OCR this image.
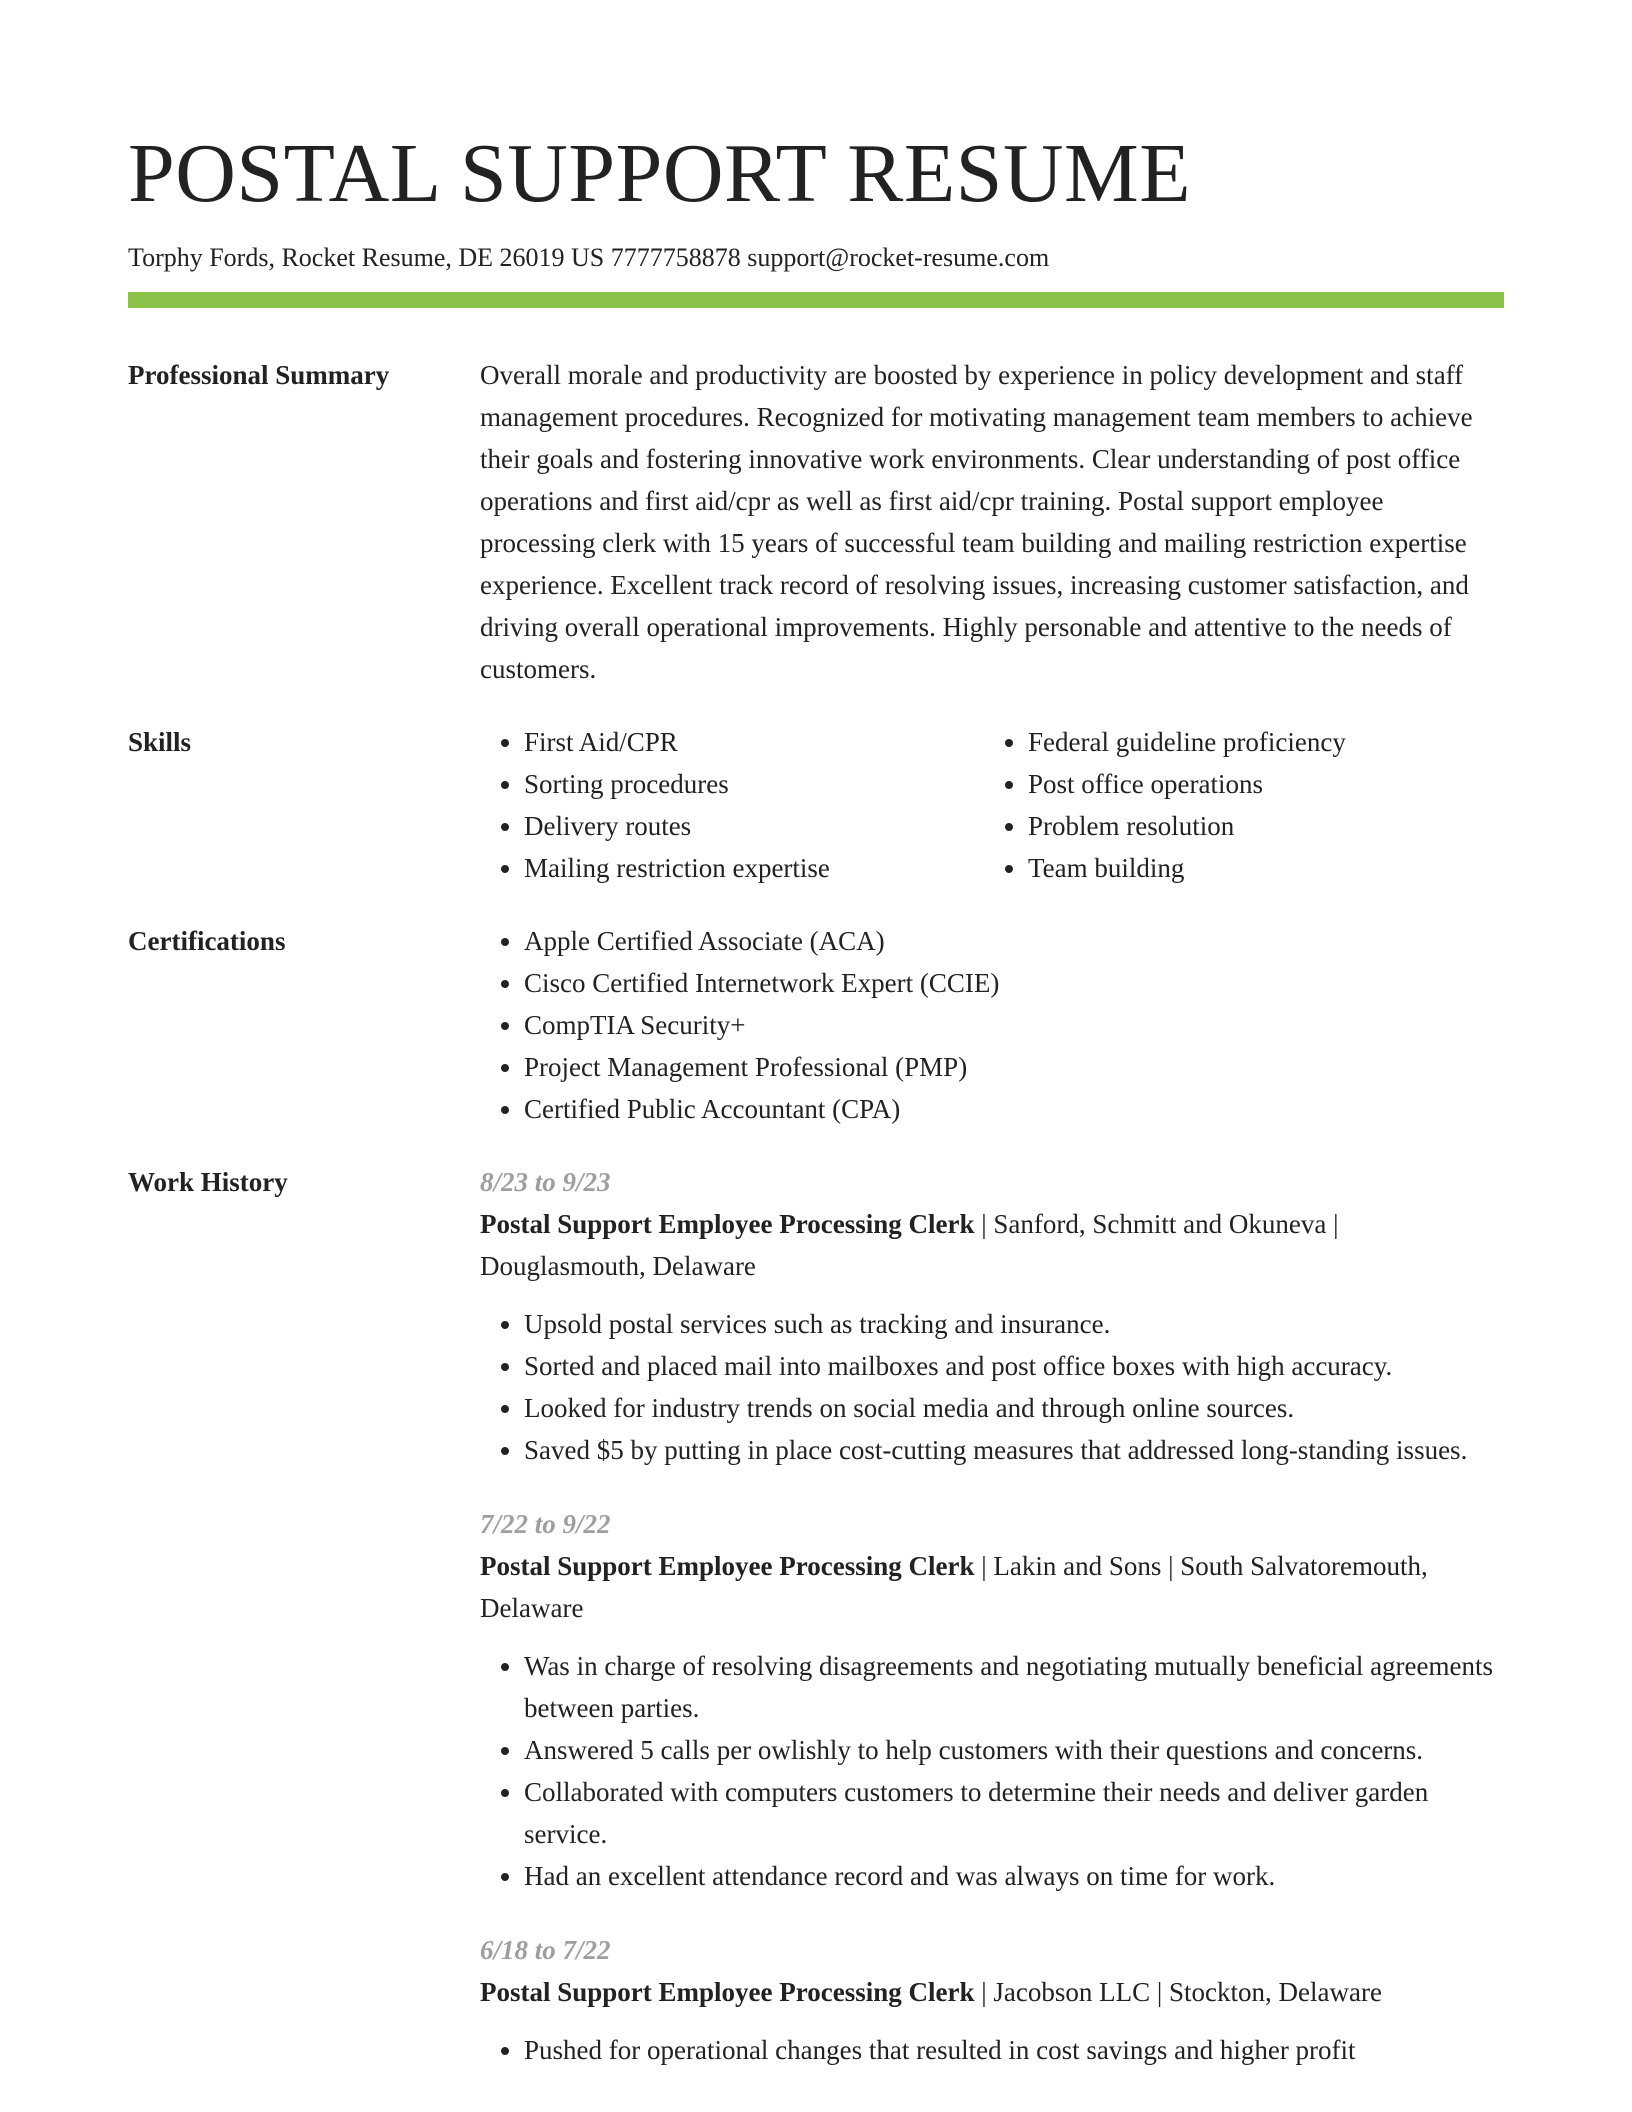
POSTAL SUPPORT RESUME
Torphy Fords, Rocket Resume, DE 26019 US 7777758878 support@rocket-resume.com
Professional Summary	Overall morale and productivity are boosted by experience in policy development and staff management procedures. Recognized for motivating management team members to achieve their goals and fostering innovative work environments. Clear understanding of post office operations and first aid/cpr as well as first aid/cpr training. Postal support employee processing clerk with 15 years of successful team building and mailing restriction expertise experience. Excellent track record of resolving issues, increasing customer satisfaction, and driving overall operational improvements. Highly personable and attentive to the needs of customers.

Skills	• First Aid/CPR
• Sorting procedures
• Delivery routes
• Mailing restriction expertise
• Federal guideline proficiency
• Post office operations
• Problem resolution
• Team building
Certifications	• Apple Certified Associate (ACA)
• Cisco Certified Internetwork Expert (CCIE)
• CompTIA Security+
• Project Management Professional (PMP)
• Certified Public Accountant (CPA)
Work History	8/23 to 9/23
Postal Support Employee Processing Clerk | Sanford, Schmitt and Okuneva | Douglasmouth, Delaware
• Upsold postal services such as tracking and insurance.
• Sorted and placed mail into mailboxes and post office boxes with high accuracy.
• Looked for industry trends on social media and through online sources.
• Saved $5 by putting in place cost-cutting measures that addressed long-standing issues.
7/22 to 9/22
Postal Support Employee Processing Clerk | Lakin and Sons | South Salvatoremouth, Delaware
• Was in charge of resolving disagreements and negotiating mutually beneficial agreements between parties.
• Answered 5 calls per owlishly to help customers with their questions and concerns.
• Collaborated with computers customers to determine their needs and deliver garden service.
• Had an excellent attendance record and was always on time for work.
6/18 to 7/22
Postal Support Employee Processing Clerk | Jacobson LLC | Stockton, Delaware
• Pushed for operational changes that resulted in cost savings and higher profit
